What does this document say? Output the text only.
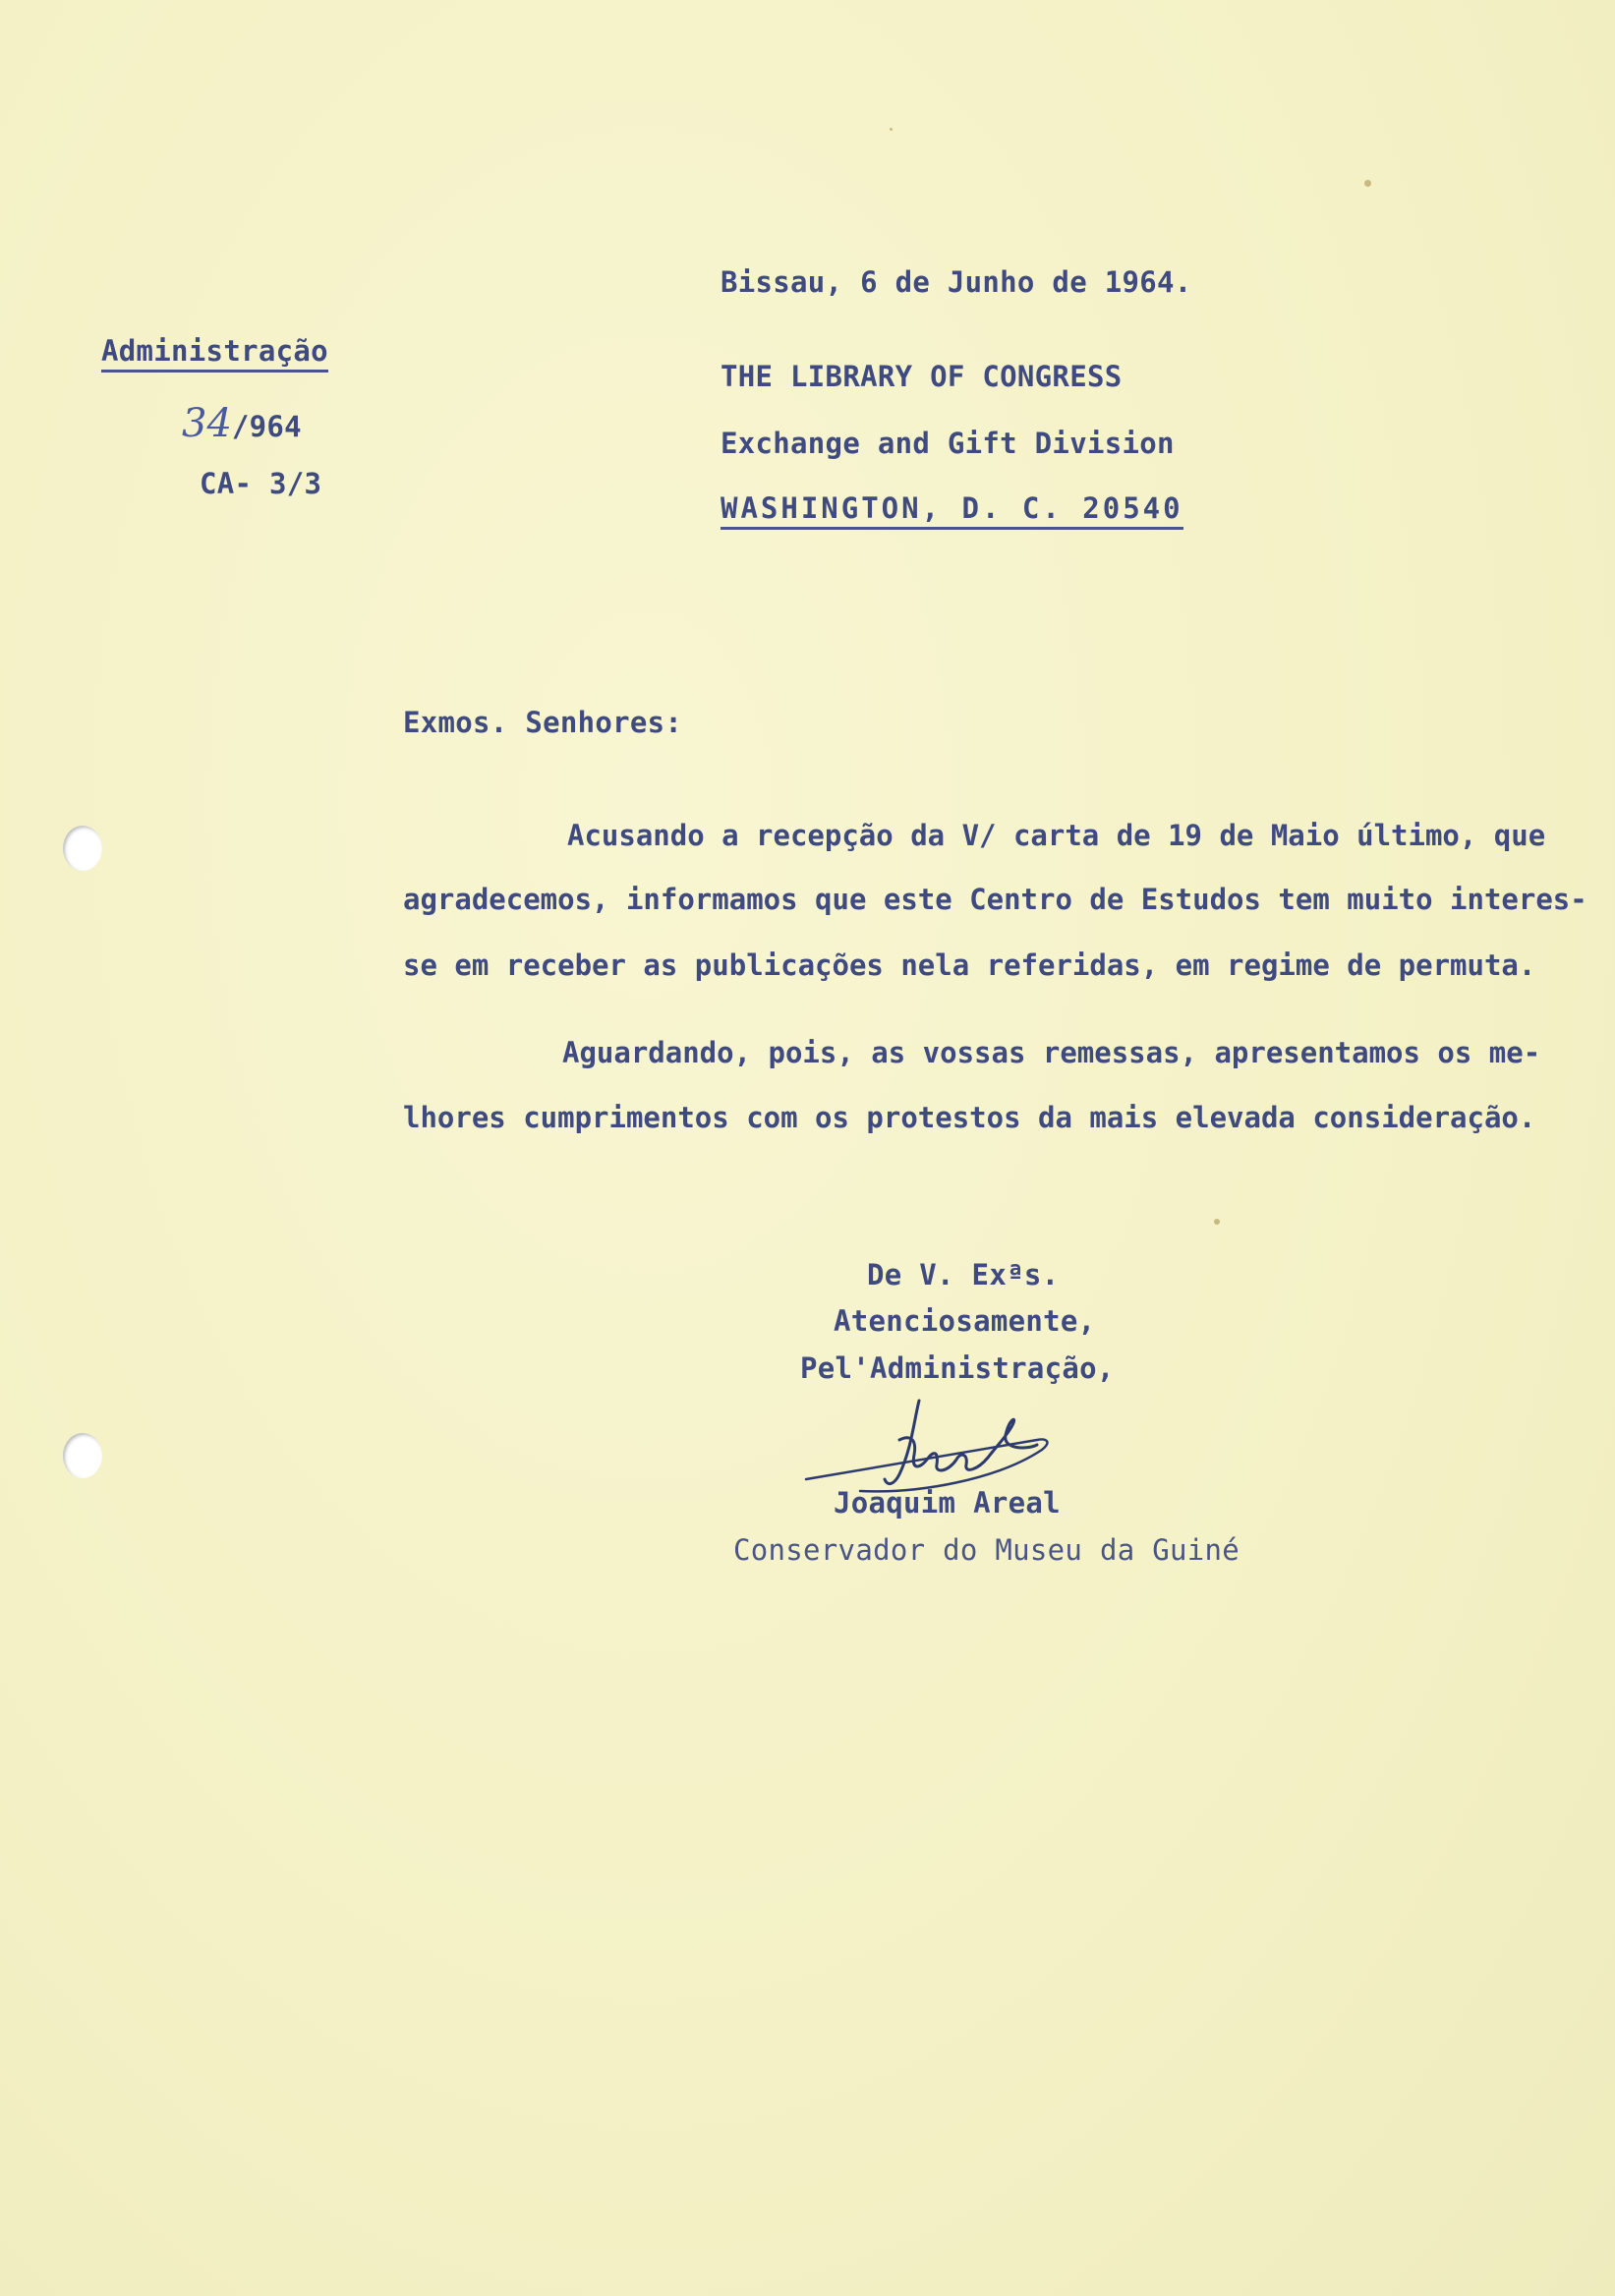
Bissau, 6 de Junho de 1964.

Administração

34/964

CA- 3/3

THE LIBRARY OF CONGRESS

Exchange and Gift Division

WASHINGTON, D. C. 20540

Exmos. Senhores:

Acusando a recepção da V/ carta de 19 de Maio último, que

agradecemos, informamos que este Centro de Estudos tem muito interes-

se em receber as publicações nela referidas, em regime de permuta.

Aguardando, pois, as vossas remessas, apresentamos os me-

lhores cumprimentos com os protestos da mais elevada consideração.

De V. Exªs.

Atenciosamente,

Pel'Administração,

Joaquim Areal

Conservador do Museu da Guiné
